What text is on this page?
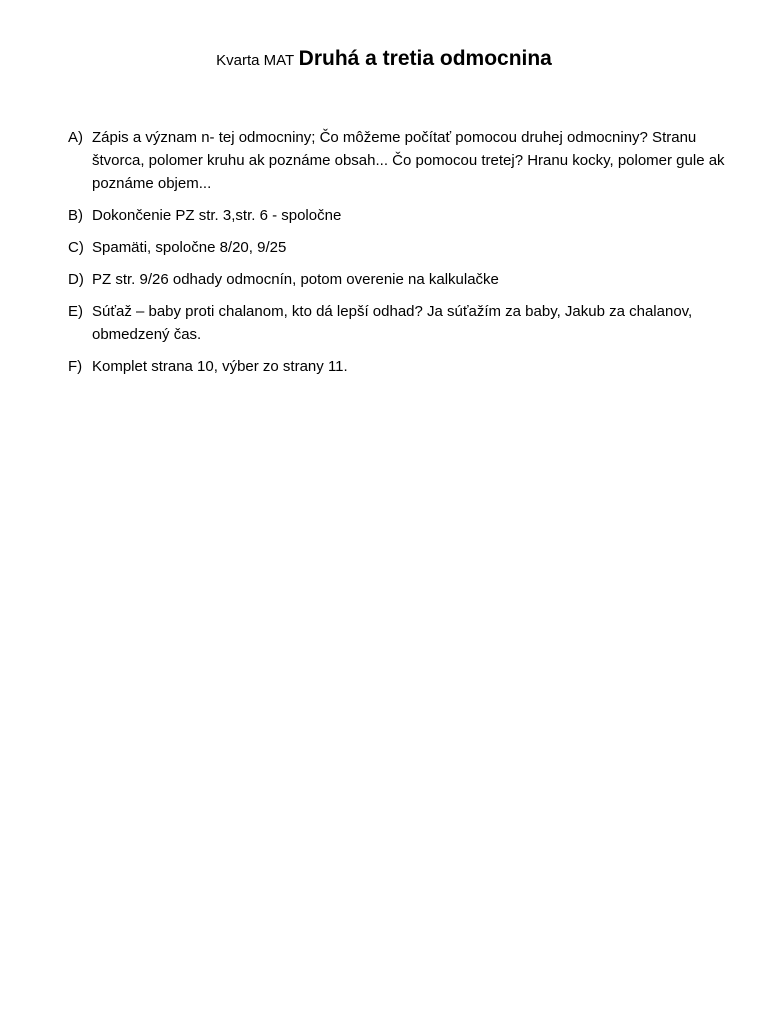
Kvarta MAT Druhá a tretia odmocnina
A) Zápis a význam n- tej odmocniny; Čo môžeme počítať pomocou druhej odmocniny? Stranu štvorca, polomer kruhu ak poznáme obsah... Čo pomocou tretej? Hranu kocky, polomer gule ak poznáme objem...
B) Dokončenie PZ str. 3,str. 6 - spoločne
C) Spamäti, spoločne 8/20, 9/25
D) PZ str. 9/26 odhady odmocnín, potom overenie na kalkulačke
E) Súťaž – baby proti chalanom, kto dá lepší odhad? Ja súťažím za baby, Jakub za chalanov, obmedzený čas.
F) Komplet strana 10, výber zo strany 11.
